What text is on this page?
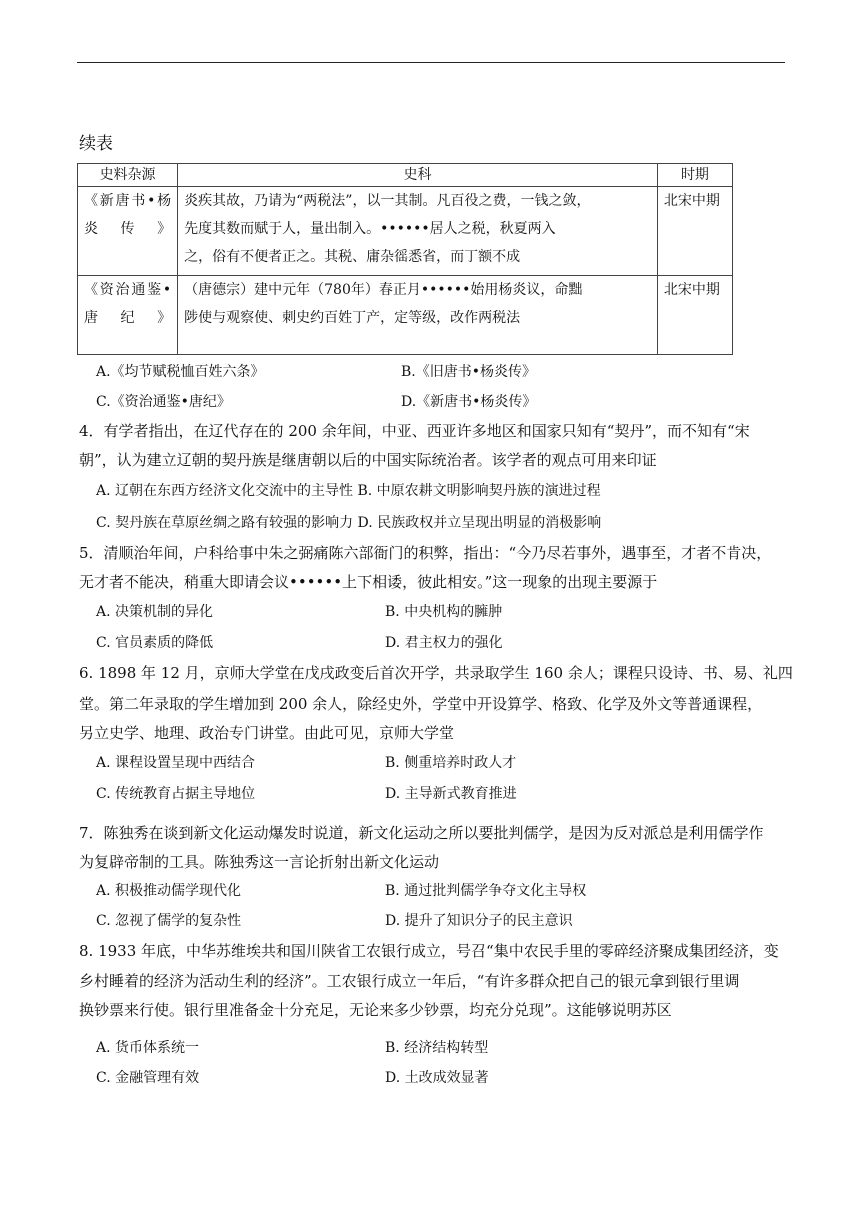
续表
史料杂源	史科	时期
《新唐书•杨炎传》	炎疾其故，乃请为“两税法”，以一其制。凡百役之费，一钱之敛，
先度其数而赋于人，量出制入。••••••居人之税，秋夏两入
之，俗有不便者正之。其税、庸杂徭悉省，而丁额不成	北宋中期
《资治通鉴•唐纪》	（唐德宗）建中元年（780年）春正月••••••始用杨炎议，命黜
陟使与观察使、刺史约百姓丁产，定等级，改作两税法	北宋中期
A.《均节赋税恤百姓六条》	B.《旧唐书•杨炎传》
C.《资治通鉴•唐纪》	D.《新唐书•杨炎传》
4．有学者指出，在辽代存在的 200 余年间，中亚、西亚许多地区和国家只知有“契丹”，而不知有“宋
朝”，认为建立辽朝的契丹族是继唐朝以后的中国实际统治者。该学者的观点可用来印证
A. 辽朝在东西方经济文化交流中的主导性 B. 中原农耕文明影响契丹族的演进过程
C. 契丹族在草原丝绸之路有较强的影响力 D. 民族政权并立呈现出明显的消极影响
5．清顺治年间，户科给事中朱之弼痛陈六部衙门的积弊，指出：“今乃尽若事外，遇事至，才者不肯决，
无才者不能决，稍重大即请会议••••••上下相诿，彼此相安。”这一现象的出现主要源于
A. 决策机制的异化	B. 中央机构的臃肿
C. 官员素质的降低	D. 君主权力的强化
6. 1898 年 12 月，京师大学堂在戊戌政变后首次开学，共录取学生 160 余人；课程只设诗、书、易、礼四
堂。第二年录取的学生增加到 200 余人，除经史外，学堂中开设算学、格致、化学及外文等普通课程，
另立史学、地理、政治专门讲堂。由此可见，京师大学堂
A. 课程设置呈现中西结合	B. 侧重培养时政人才
C. 传统教育占据主导地位	D. 主导新式教育推进
7．陈独秀在谈到新文化运动爆发时说道，新文化运动之所以要批判儒学，是因为反对派总是利用儒学作
为复辟帝制的工具。陈独秀这一言论折射出新文化运动
A. 积极推动儒学现代化	B. 通过批判儒学争夺文化主导权
C. 忽视了儒学的复杂性	D. 提升了知识分子的民主意识
8. 1933 年底，中华苏维埃共和国川陕省工农银行成立，号召“集中农民手里的零碎经济聚成集团经济，变
乡村睡着的经济为活动生利的经济”。工农银行成立一年后，“有许多群众把自己的银元拿到银行里调
换钞票来行使。银行里准备金十分充足，无论来多少钞票，均充分兑现”。这能够说明苏区
A. 货币体系统一	B. 经济结构转型
C. 金融管理有效	D. 土改成效显著
